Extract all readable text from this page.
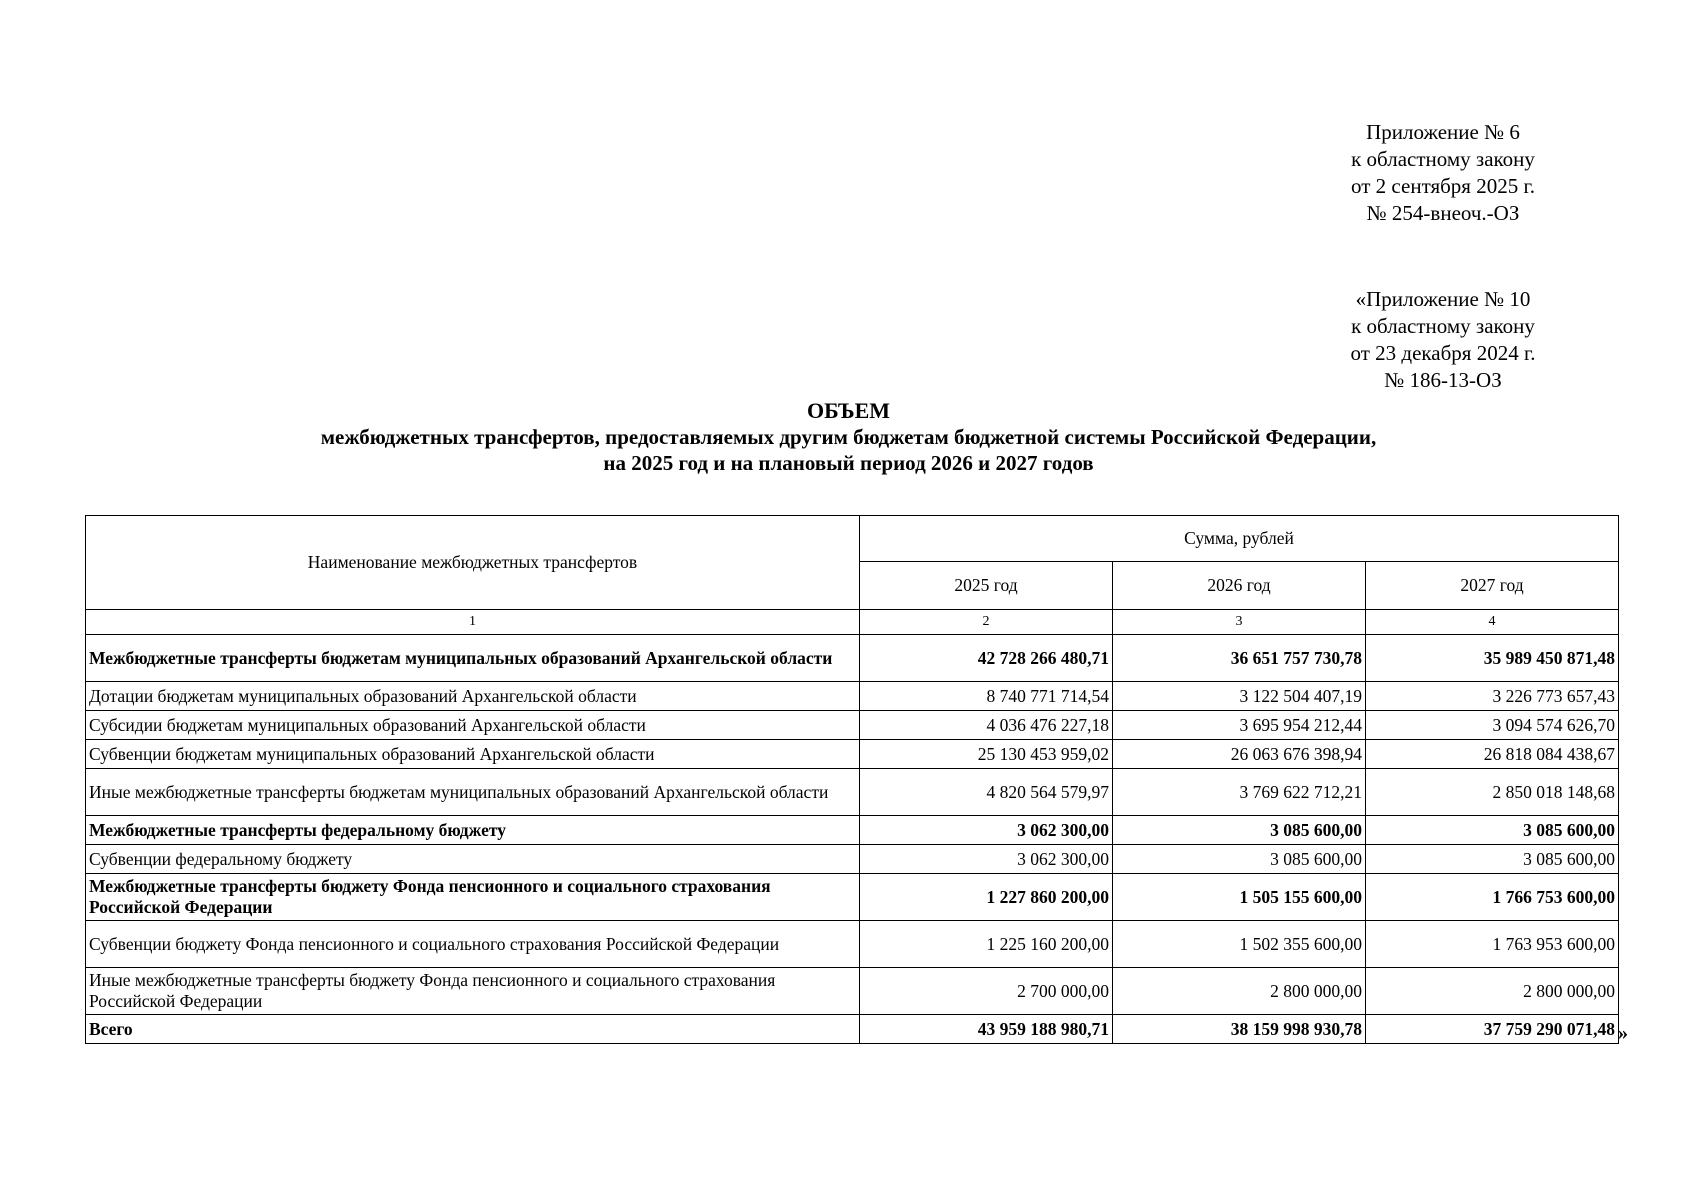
Приложение № 6
к областному закону
от 2 сентября 2025 г.
№ 254-внеоч.-ОЗ
«Приложение № 10
к областному закону
от 23 декабря 2024 г.
№ 186-13-ОЗ
ОБЪЕМ
межбюджетных трансфертов, предоставляемых другим бюджетам бюджетной системы Российской Федерации,
на 2025 год и на плановый период 2026 и 2027 годов
Наименование межбюджетных трансфертов	Сумма, рублей		
	2025 год	2026 год	2027 год
1	2	3	4
Межбюджетные трансферты бюджетам муниципальных образований Архангельской области	42 728 266 480,71	36 651 757 730,78	35 989 450 871,48
Дотации бюджетам муниципальных образований Архангельской области	8 740 771 714,54	3 122 504 407,19	3 226 773 657,43
Субсидии бюджетам муниципальных образований Архангельской области	4 036 476 227,18	3 695 954 212,44	3 094 574 626,70
Субвенции бюджетам муниципальных образований Архангельской области	25 130 453 959,02	26 063 676 398,94	26 818 084 438,67
Иные межбюджетные трансферты бюджетам муниципальных образований Архангельской области	4 820 564 579,97	3 769 622 712,21	2 850 018 148,68
Межбюджетные трансферты федеральному бюджету	3 062 300,00	3 085 600,00	3 085 600,00
Субвенции федеральному бюджету	3 062 300,00	3 085 600,00	3 085 600,00
Межбюджетные трансферты бюджету Фонда пенсионного и социального страхования Российской Федерации	1 227 860 200,00	1 505 155 600,00	1 766 753 600,00
Субвенции бюджету Фонда пенсионного и социального страхования Российской Федерации	1 225 160 200,00	1 502 355 600,00	1 763 953 600,00
Иные межбюджетные трансферты бюджету Фонда пенсионного и социального страхования Российской Федерации	2 700 000,00	2 800 000,00	2 800 000,00
Всего	43 959 188 980,71	38 159 998 930,78	37 759 290 071,48 »
